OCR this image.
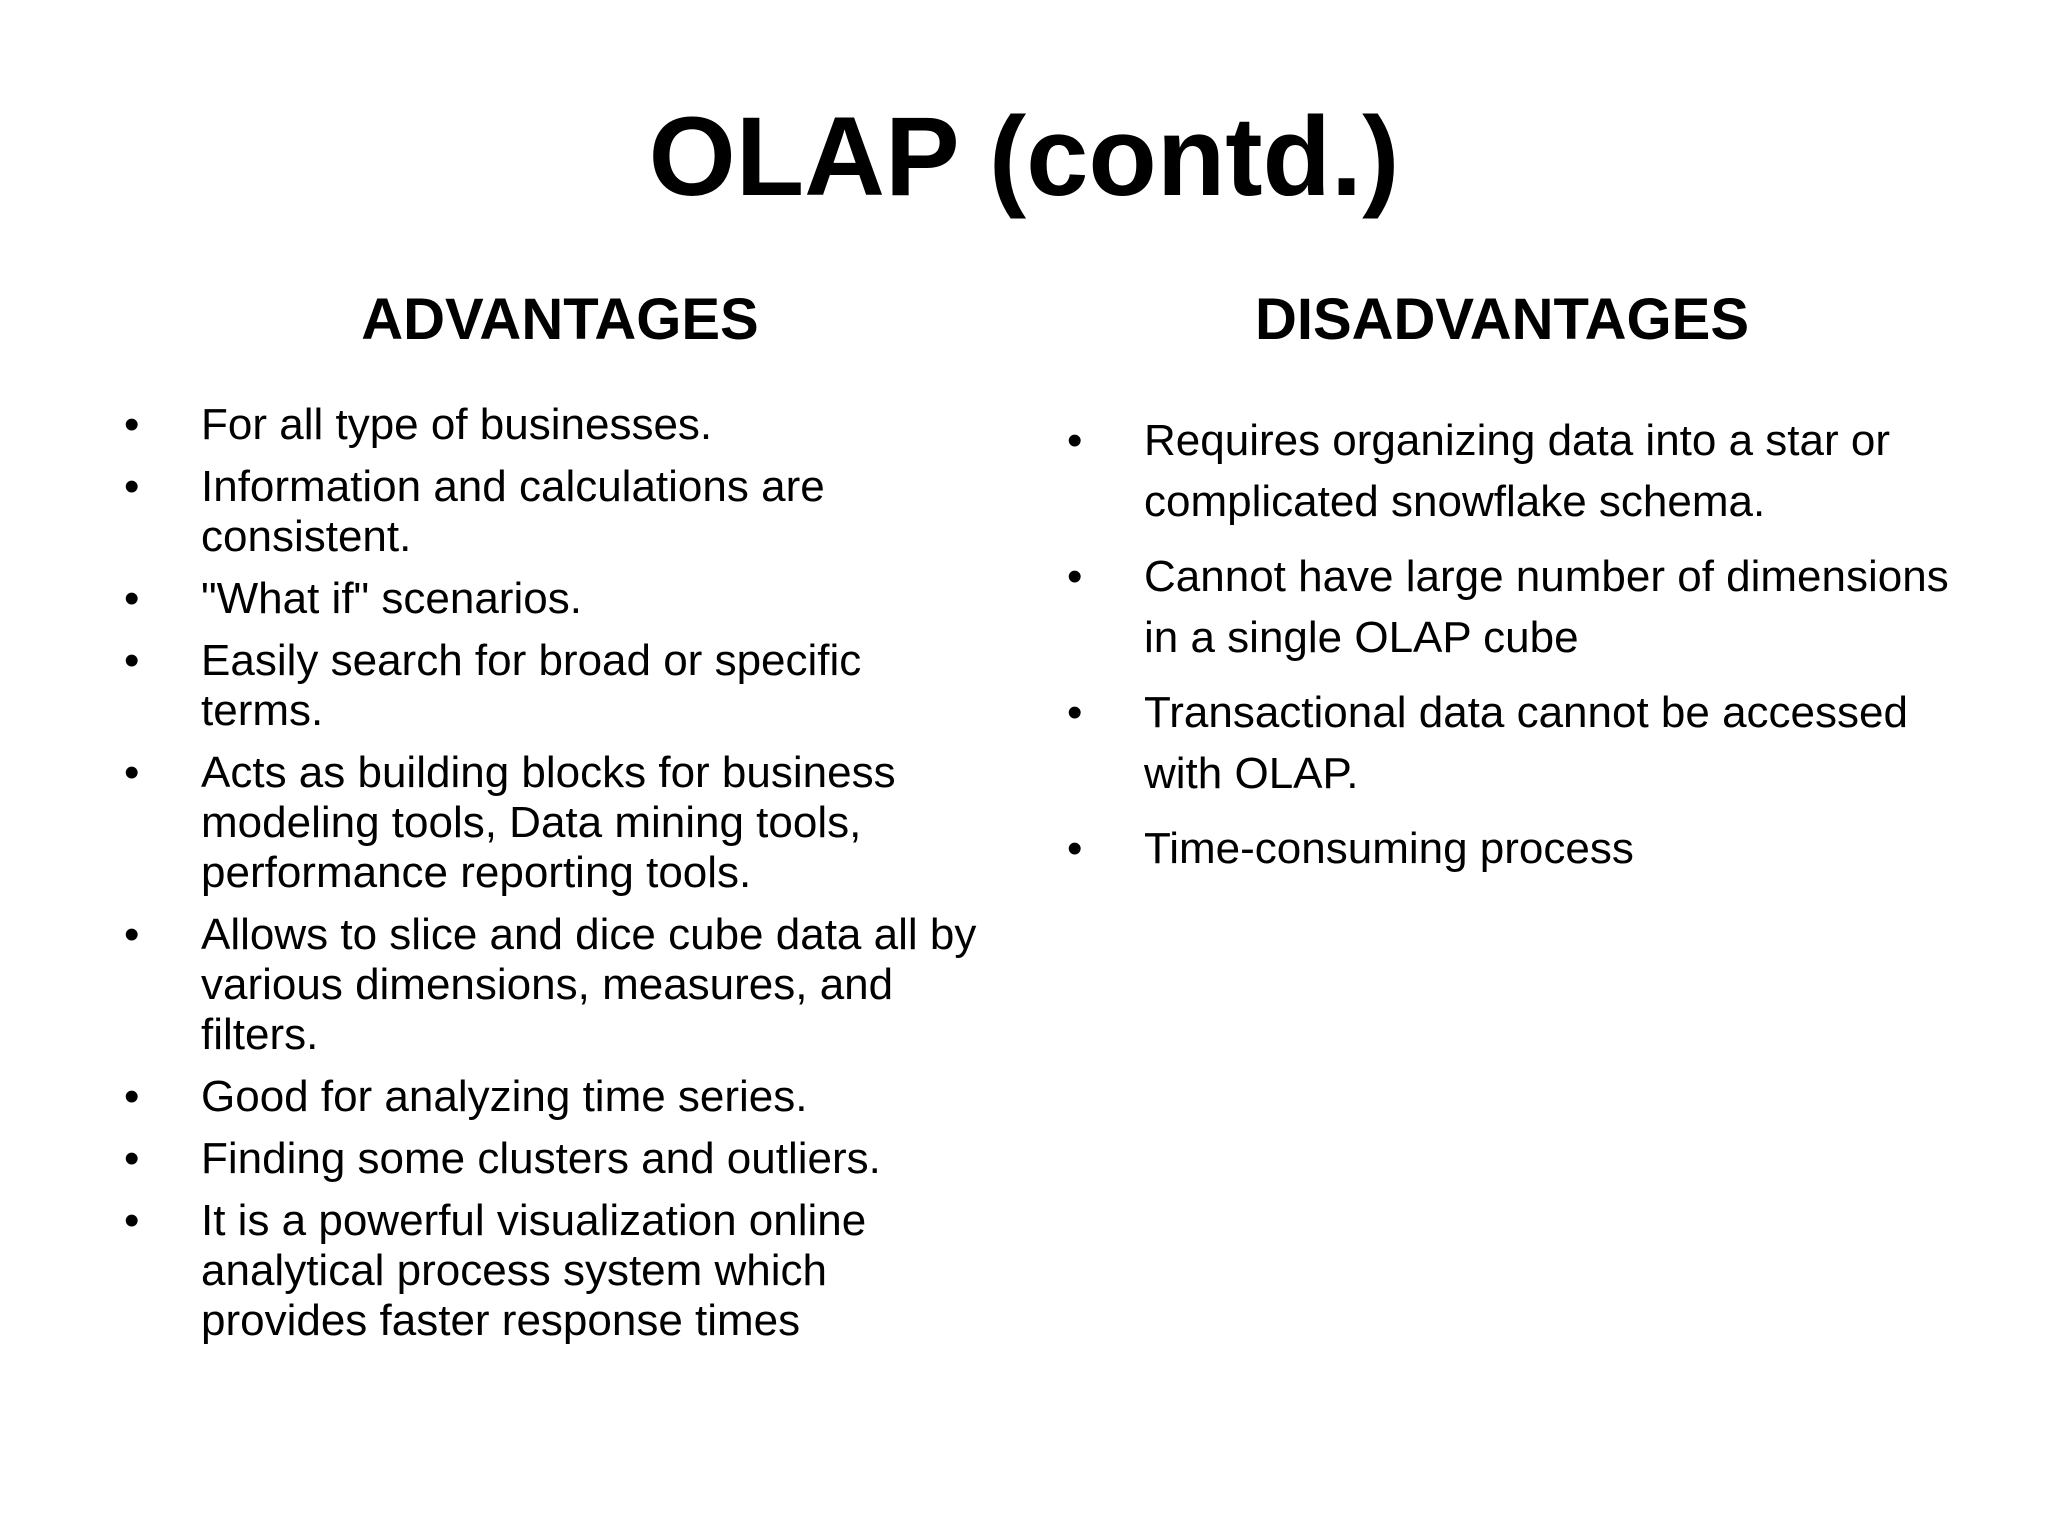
OLAP (contd.)
ADVANTAGES	DISADVANTAGES
• For all type of businesses.
• Information and calculations are consistent.
• "What if" scenarios.
• Easily search for broad or specific terms.
• Acts as building blocks for business modeling tools, Data mining tools, performance reporting tools.
• Allows to slice and dice cube data all by various dimensions, measures, and filters.
• Good for analyzing time series.
• Finding some clusters and outliers.
• It is a powerful visualization online analytical process system which provides faster response times
• Requires organizing data into a star or complicated snowflake schema.
• Cannot have large number of dimensions in a single OLAP cube
• Transactional data cannot be accessed with OLAP.
• Time-consuming process
